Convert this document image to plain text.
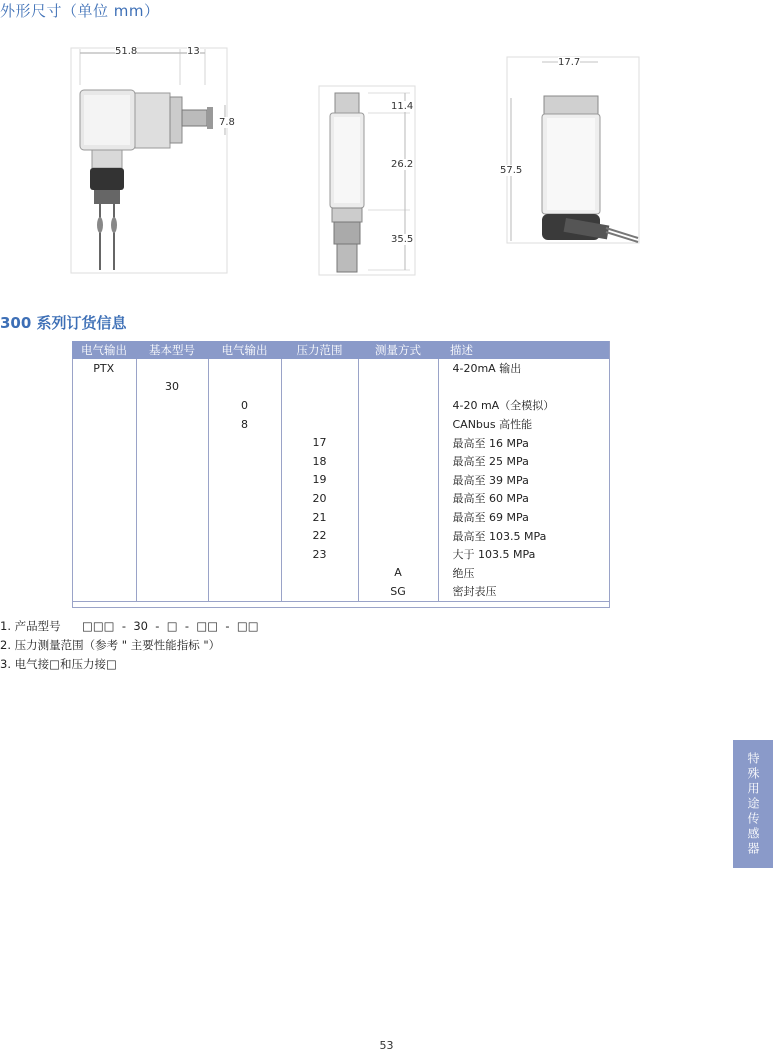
外形尺寸（单位 mm）
51.8	13
7.8
11.4
26.2
35.5
17.7
57.5
300 系列订货信息
电气输出	基本型号	电气输出	压力范围	测量方式	描述
PTX					4-20mA 输出
	30				
		0			4-20 mA（全模拟）
		8			CANbus 高性能
			17		最高至 16 MPa
			18		最高至 25 MPa
			19		最高至 39 MPa
			20		最高至 60 MPa
			21		最高至 69 MPa
			22		最高至 103.5 MPa
			23		大于 103.5 MPa
				A	绝压
				SG	密封表压
1. 产品型号 □□□  -  30  -  □  -  □□  -  □□
2. 压力测量范围（参考 " 主要性能指标 "）
3. 电气接□和压力接□
特殊用途传感器
53
